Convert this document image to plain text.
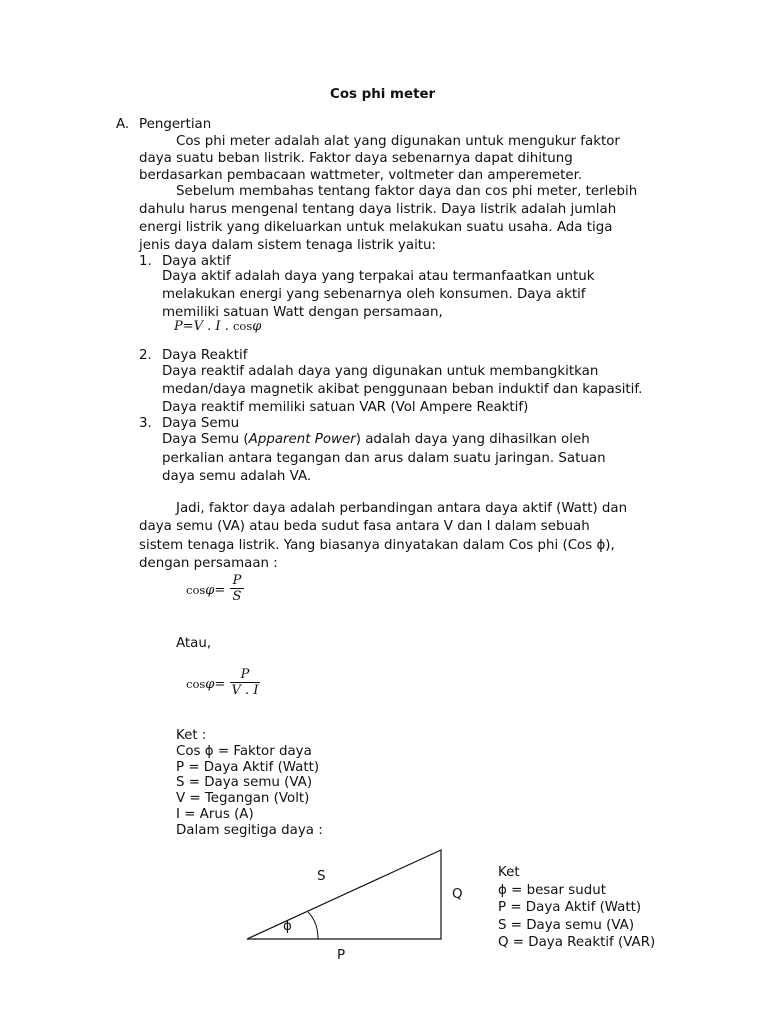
Cos phi meter
A. Pengertian
Cos phi meter adalah alat yang digunakan untuk mengukur faktor
daya suatu beban listrik. Faktor daya sebenarnya dapat dihitung
berdasarkan pembacaan wattmeter, voltmeter dan amperemeter.
Sebelum membahas tentang faktor daya dan cos phi meter, terlebih
dahulu harus mengenal tentang daya listrik. Daya listrik adalah jumlah
energi listrik yang dikeluarkan untuk melakukan suatu usaha. Ada tiga
jenis daya dalam sistem tenaga listrik yaitu:
1. Daya aktif
Daya aktif adalah daya yang terpakai atau termanfaatkan untuk
melakukan energi yang sebenarnya oleh konsumen. Daya aktif
memiliki satuan Watt dengan persamaan,
P=V . I . cosφ
2. Daya Reaktif
Daya reaktif adalah daya yang digunakan untuk membangkitkan
medan/daya magnetik akibat penggunaan beban induktif dan kapasitif.
Daya reaktif memiliki satuan VAR (Vol Ampere Reaktif)
3. Daya Semu
Daya Semu (Apparent Power) adalah daya yang dihasilkan oleh
perkalian antara tegangan dan arus dalam suatu jaringan. Satuan
daya semu adalah VA.
Jadi, faktor daya adalah perbandingan antara daya aktif (Watt) dan
daya semu (VA) atau beda sudut fasa antara V dan I dalam sebuah
sistem tenaga listrik. Yang biasanya dinyatakan dalam Cos phi (Cos ϕ),
dengan persamaan :
cosφ=
P
S
Atau,
cosφ=
P
V . I
Ket :
Cos ϕ = Faktor daya
P = Daya Aktif (Watt)
S = Daya semu (VA)
V = Tegangan (Volt)
I = Arus (A)
Dalam segitiga daya :
S
Q
P
ϕ
Ket
ϕ = besar sudut
P = Daya Aktif (Watt)
S = Daya semu (VA)
Q = Daya Reaktif (VAR)
